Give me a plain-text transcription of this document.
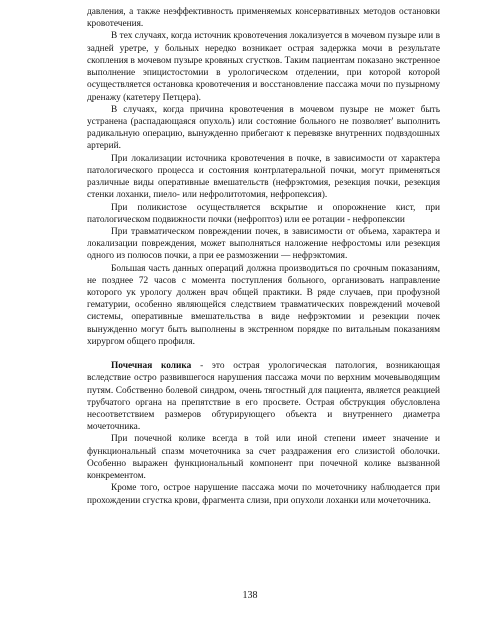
давления, а также неэффективность применяемых консервативных методов остановки кровотечения.

В тех случаях, когда источник кровотечения локализуется в мочевом пузыре или в задней уретре, у больных нередко возникает острая задержка мочи в результате скопления в мочевом пузыре кровяных сгустков. Таким пациентам показано экстренное выполнение эпицистостомии в урологическом отделении, при которой которой осуществляется остановка кровотечения и восстановление пассажа мочи по пузырному дренажу (катетеру Петцера).

В случаях, когда причина кровотечения в мочевом пузыре не может быть устранена (распадающаяся опухоль) или состояние больного не позволяет' выполнить радикальную операцию, вынужденно прибегают к перевязке внутренних подвздошных артерий.

При локализации источника кровотечения в почке, в зависимости от характера патологического процесса и состояния контрлатеральной почки, могут применяться различные виды оперативные вмешательств (нефрэктомия, резекция почки, резекция стенки лоханки, пиело- или нефролитотомия, нефропексия).

При поликистозе осуществляется вскрытие и опорожнение кист, при патологическом подвижности почки (нефроптоз) или ее ротации - нефропексии

При травматическом повреждении почек, в зависимости от объема, характера и локализации повреждения, может выполняться наложение нефростомы или резекция одного из полюсов почки, а при ее размозжении — нефрэктомия.

Большая часть данных операций должна производиться по срочным показаниям, не позднее 72 часов с момента поступления больного, организовать направление которого ук урологу должен врач общей практики. В ряде случаев, при профузной гематурии, особенно являющейся следствием травматических повреждений мочевой системы, оперативные вмешательства в виде нефрэктомии и резекции почек вынужденно могут быть выполнены в экстренном порядке по витальным показаниям хирургом общего профиля.

Почечная колика - это острая урологическая патология, возникающая вследствие остро развившегося нарушения пассажа мочи по верхним мочевыводящим путям. Собственно болевой синдром, очень тягостный для пациента, является реакцией трубчатого органа на препятствие в его просвете. Острая обструкция обусловлена несоответствием размеров обтурирующего объекта и внутреннего диаметра мочеточника.

При почечной колике всегда в той или иной степени имеет значение и функциональный спазм мочеточника за счет раздражения его слизистой оболочки. Особенно выражен функциональный компонент при почечной колике вызванной конкрементом.

Кроме того, острое нарушение пассажа мочи по мочеточнику наблюдается при прохождении сгустка крови, фрагмента слизи, при опухоли лоханки или мочеточника.

138
